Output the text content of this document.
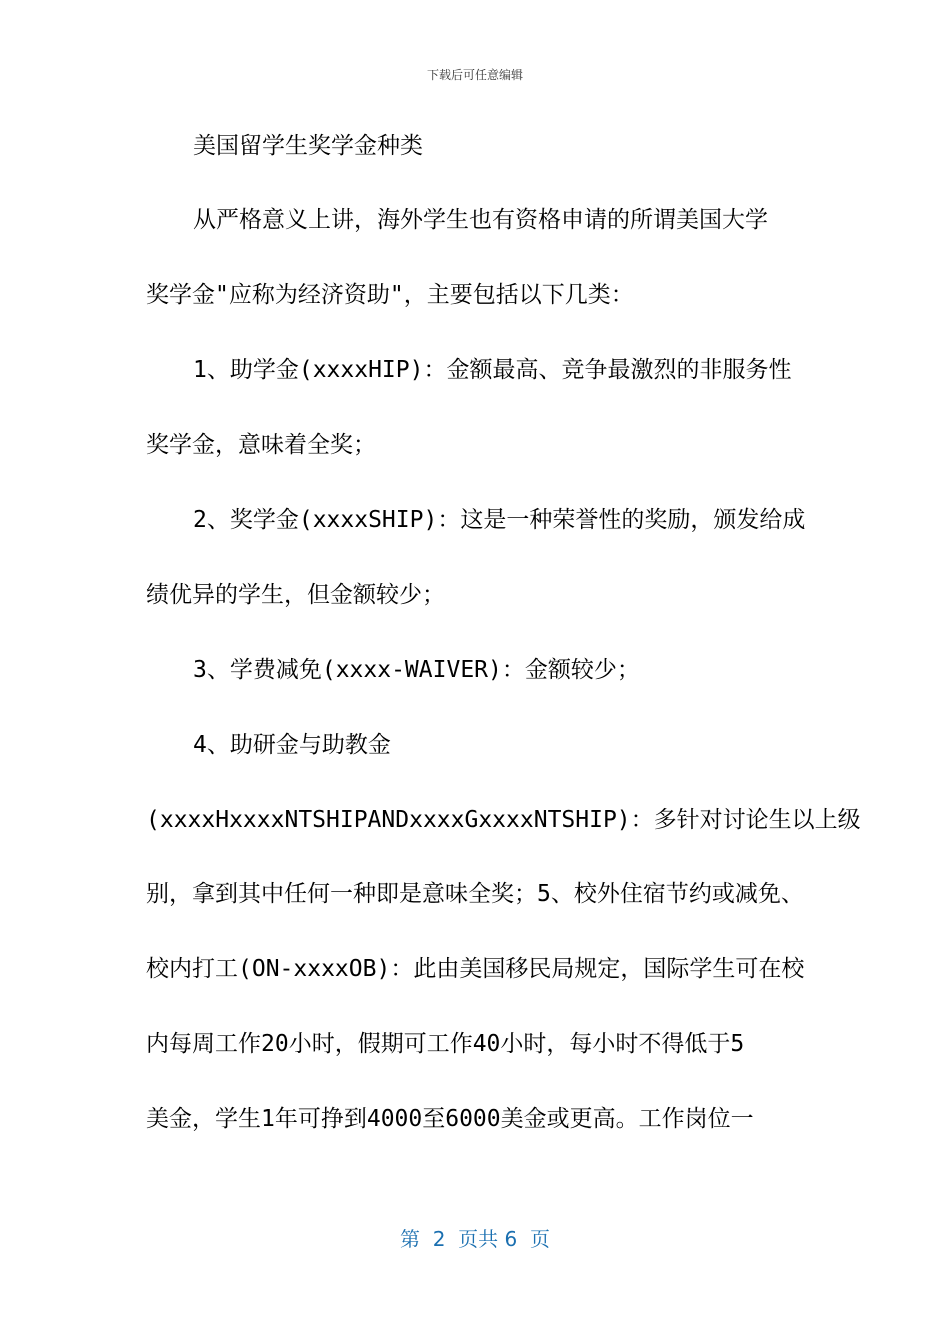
下载后可任意编辑
美国留学生奖学金种类
从严格意义上讲，海外学生也有资格申请的所谓美国大学
奖学金"应称为经济资助"，主要包括以下几类：
1、助学金(xxxxHIP)：金额最高、竞争最激烈的非服务性
奖学金，意味着全奖；
2、奖学金(xxxxSHIP)：这是一种荣誉性的奖励，颁发给成
绩优异的学生，但金额较少；
3、学费减免(xxxx-WAIVER)：金额较少；
4、助研金与助教金
(xxxxHxxxxNTSHIPANDxxxxGxxxxNTSHIP)：多针对讨论生以上级
别，拿到其中任何一种即是意味全奖；5、校外住宿节约或减免、
校内打工(ON-xxxxOB)：此由美国移民局规定，国际学生可在校
内每周工作20小时，假期可工作40小时，每小时不得低于5
美金，学生1年可挣到4000至6000美金或更高。工作岗位一
第  2  页共 6  页
